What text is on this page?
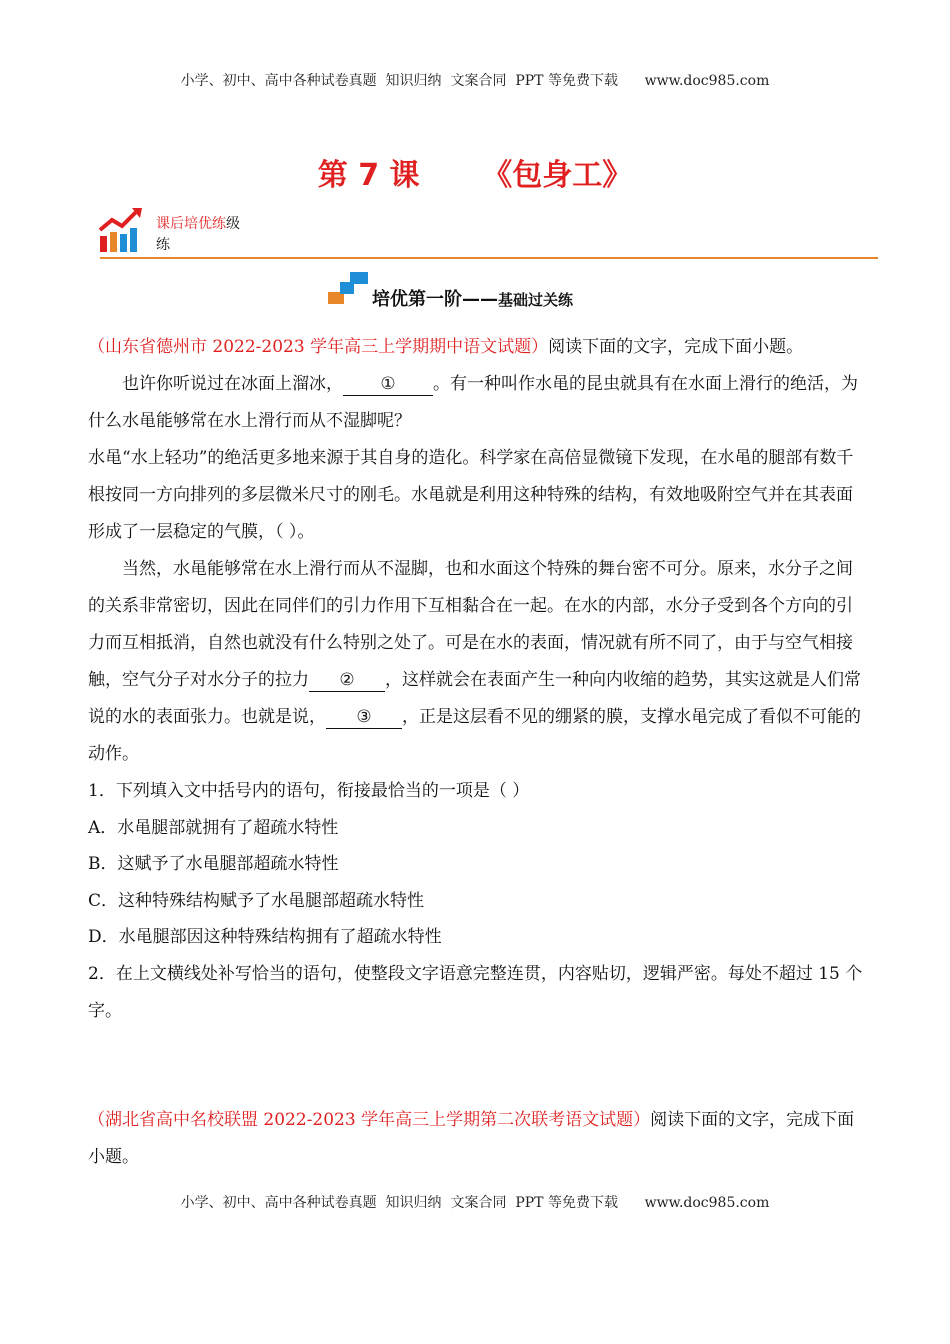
小学、初中、高中各种试卷真题  知识归纳  文案合同  PPT 等免费下载      www.doc985.com
第 7 课      《包身工》
课后培优练级
练
培优第一阶——基础过关练
（山东省德州市 2022-2023 学年高三上学期期中语文试题）阅读下面的文字，完成下面小题。
也许你听说过在冰面上溜冰， ① 。有一种叫作水黾的昆虫就具有在水面上滑行的绝活，为什么水黾能够常在水上滑行而从不湿脚呢？
水黾“水上轻功”的绝活更多地来源于其自身的造化。科学家在高倍显微镜下发现，在水黾的腿部有数千根按同一方向排列的多层微米尺寸的刚毛。水黾就是利用这种特殊的结构，有效地吸附空气并在其表面形成了一层稳定的气膜，（ ）。
当然，水黾能够常在水上滑行而从不湿脚，也和水面这个特殊的舞台密不可分。原来，水分子之间的关系非常密切，因此在同伴们的引力作用下互相黏合在一起。在水的内部，水分子受到各个方向的引力而互相抵消，自然也就没有什么特别之处了。可是在水的表面，情况就有所不同了，由于与空气相接触，空气分子对水分子的拉力 ② ，这样就会在表面产生一种向内收缩的趋势，其实这就是人们常说的水的表面张力。也就是说， ③ ，正是这层看不见的绷紧的膜，支撑水黾完成了看似不可能的动作。
1．下列填入文中括号内的语句，衔接最恰当的一项是（ ）
A．水黾腿部就拥有了超疏水特性
B．这赋予了水黾腿部超疏水特性
C．这种特殊结构赋予了水黾腿部超疏水特性
D．水黾腿部因这种特殊结构拥有了超疏水特性
2．在上文横线处补写恰当的语句，使整段文字语意完整连贯，内容贴切，逻辑严密。每处不超过 15 个字。
（湖北省高中名校联盟 2022-2023 学年高三上学期第二次联考语文试题）阅读下面的文字，完成下面小题。
小学、初中、高中各种试卷真题  知识归纳  文案合同  PPT 等免费下载      www.doc985.com
